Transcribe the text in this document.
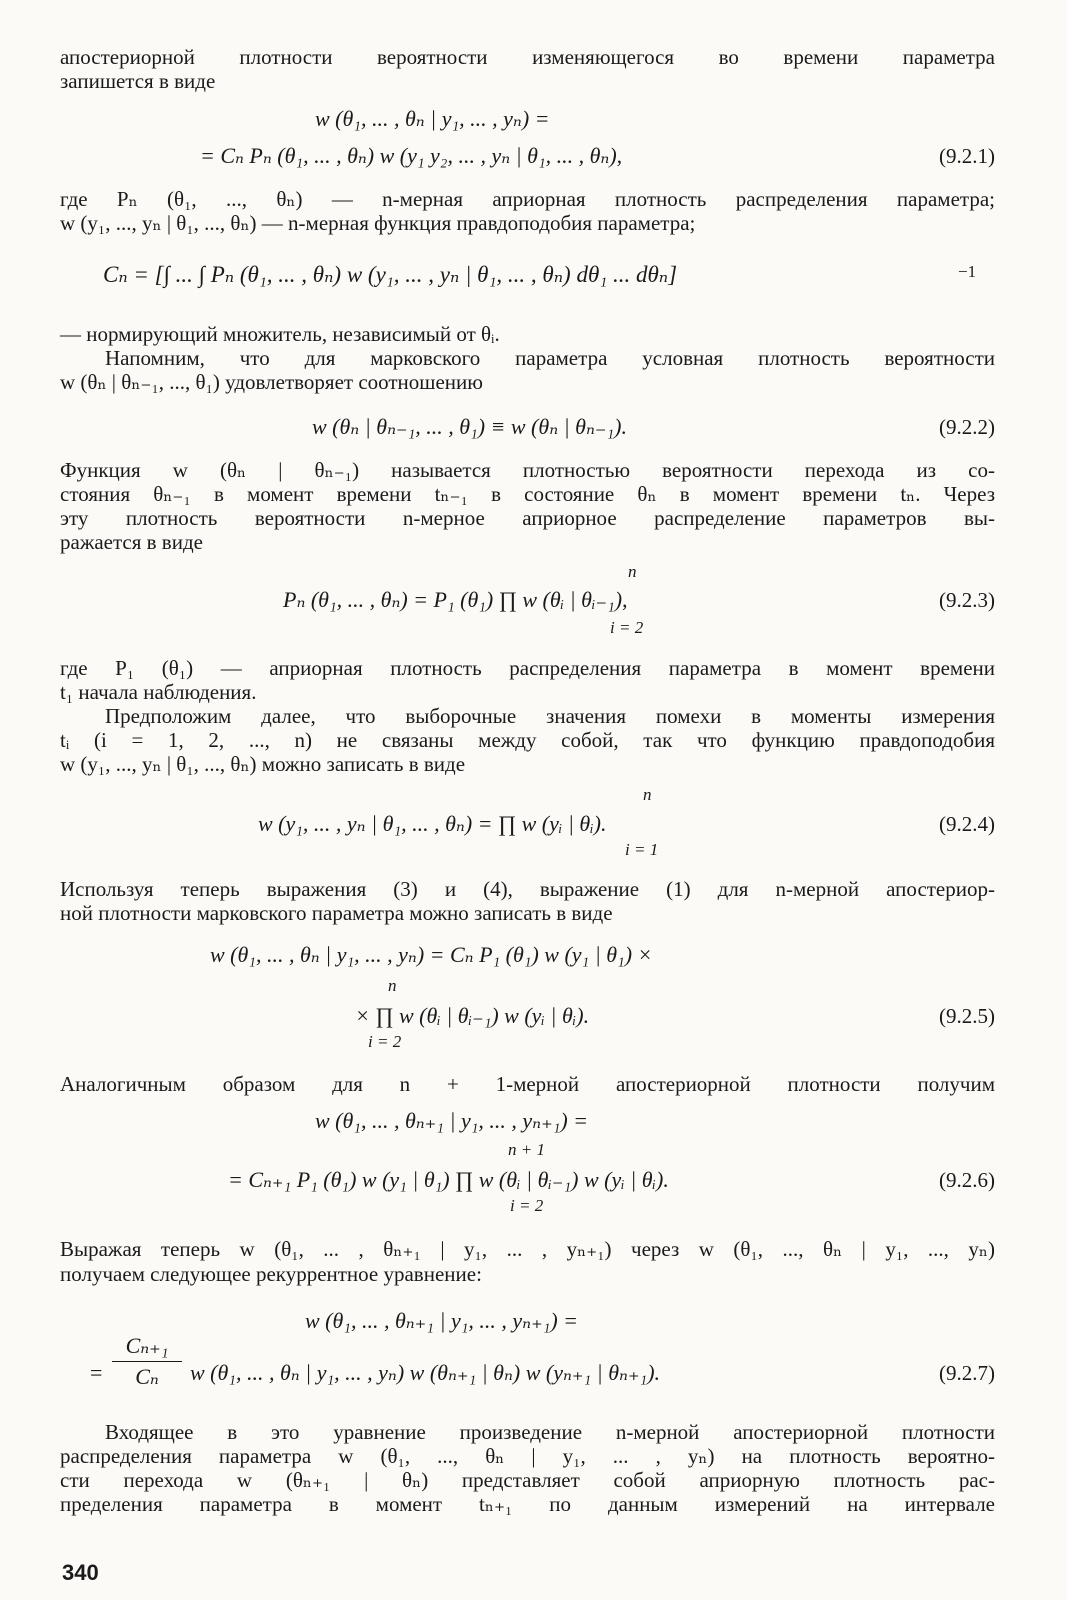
апостериорной плотности вероятности изменяющегося во времени параметра
запишется в виде
w (θ₁, ... , θₙ | y₁, ... , yₙ) =
= Cₙ Pₙ (θ₁, ... , θₙ) w (y₁ y₂, ... , yₙ | θ₁, ... , θₙ),	(9.2.1)
где Pₙ (θ₁, ..., θₙ) — n-мерная априорная плотность распределения параметра;
w (y₁, ..., yₙ | θ₁, ..., θₙ) — n-мерная функция правдоподобия параметра;
Cₙ = [∫ ... ∫ Pₙ (θ₁, ... , θₙ) w (y₁, ... , yₙ | θ₁, ... , θₙ) dθ₁ ... dθₙ]	−1
— нормирующий множитель, независимый от θᵢ.
Напомним, что для марковского параметра условная плотность вероятности
w (θₙ | θₙ₋₁, ..., θ₁) удовлетворяет соотношению
w (θₙ | θₙ₋₁, ... , θ₁) ≡ w (θₙ | θₙ₋₁).	(9.2.2)
Функция w (θₙ | θₙ₋₁) называется плотностью вероятности перехода из со-
стояния θₙ₋₁ в момент времени tₙ₋₁ в состояние θₙ в момент времени tₙ. Через
эту плотность вероятности n-мерное априорное распределение параметров вы-
ражается в виде
n
Pₙ (θ₁, ... , θₙ) = P₁ (θ₁) ∏ w (θᵢ | θᵢ₋₁),
i = 2
(9.2.3)
где P₁ (θ₁) — априорная плотность распределения параметра в момент времени
t₁ начала наблюдения.
Предположим далее, что выборочные значения помехи в моменты измерения
tᵢ (i = 1, 2, ..., n) не связаны между собой, так что функцию правдоподобия
w (y₁, ..., yₙ | θ₁, ..., θₙ) можно записать в виде
n
w (y₁, ... , yₙ | θ₁, ... , θₙ) = ∏ w (yᵢ | θᵢ).
i = 1
(9.2.4)
Используя теперь выражения (3) и (4), выражение (1) для n-мерной апостериор-
ной плотности марковского параметра можно записать в виде
w (θ₁, ... , θₙ | y₁, ... , yₙ) = Cₙ P₁ (θ₁) w (y₁ | θ₁) ×
n
× ∏ w (θᵢ | θᵢ₋₁) w (yᵢ | θᵢ).
i = 2
(9.2.5)
Аналогичным образом для n + 1-мерной апостериорной плотности получим
w (θ₁, ... , θₙ₊₁ | y₁, ... , yₙ₊₁) =
n + 1
= Cₙ₊₁ P₁ (θ₁) w (y₁ | θ₁) ∏ w (θᵢ | θᵢ₋₁) w (yᵢ | θᵢ).
i = 2
(9.2.6)
Выражая теперь w (θ₁, ... , θₙ₊₁ | y₁, ... , yₙ₊₁) через w (θ₁, ..., θₙ | y₁, ..., yₙ)
получаем следующее рекуррентное уравнение:
w (θ₁, ... , θₙ₊₁ | y₁, ... , yₙ₊₁) =
= $\frac{\text{Cₙ₊₁}}{\text{Cₙ}}$ w (θ₁, ... , θₙ | y₁, ... , yₙ) w (θₙ₊₁ | θₙ) w (yₙ₊₁ | θₙ₊₁).	(9.2.7)
Входящее в это уравнение произведение n-мерной апостериорной плотности
распределения параметра w (θ₁, ..., θₙ | y₁, ... , yₙ) на плотность вероятно-
сти перехода w (θₙ₊₁ | θₙ) представляет собой априорную плотность рас-
пределения параметра в момент tₙ₊₁ по данным измерений на интервале
340
